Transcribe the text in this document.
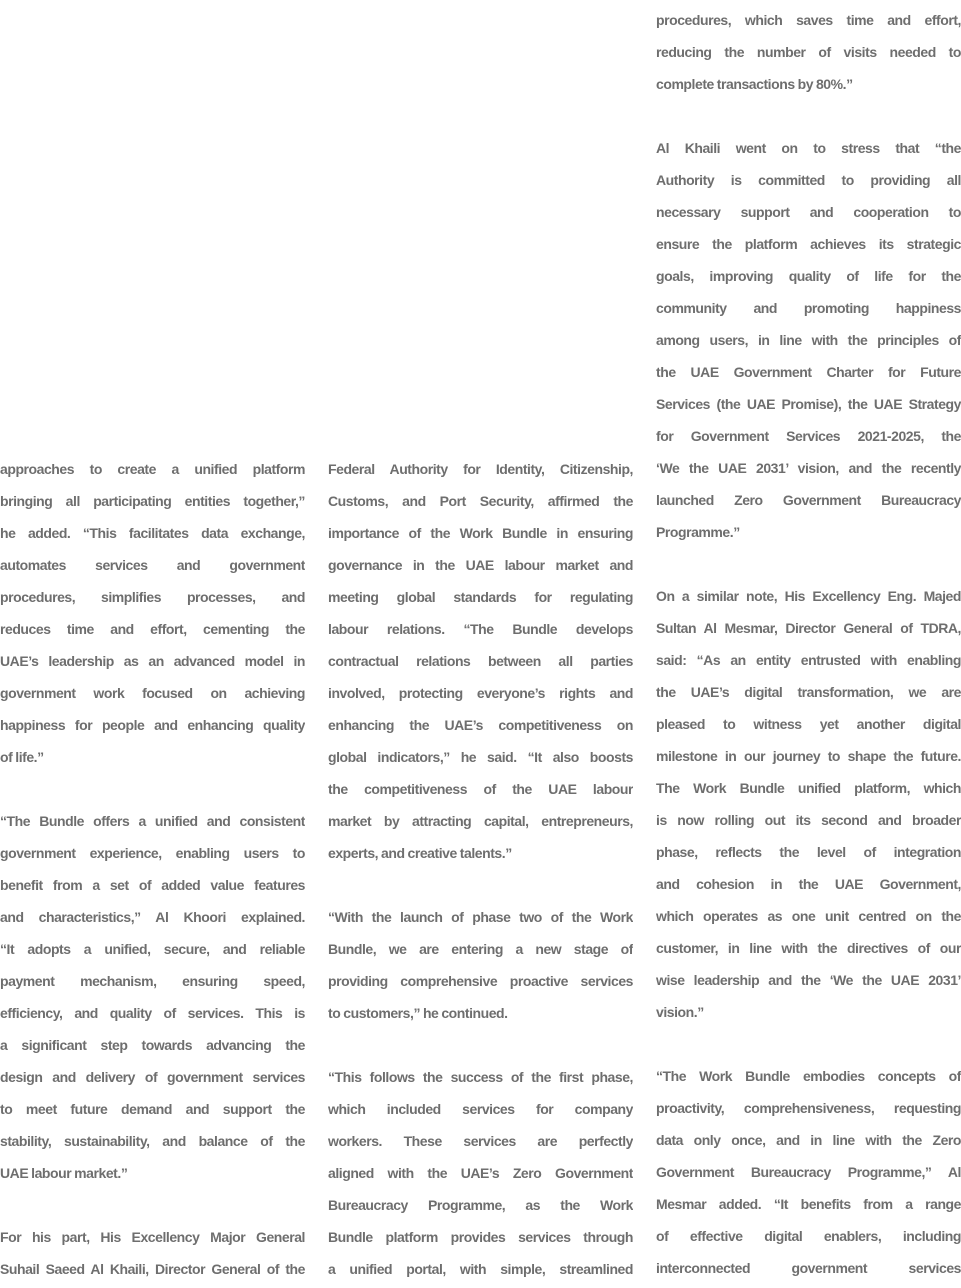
approaches to create a unified platform
bringing all participating entities together,”
he added. “This facilitates data exchange,
automates services and government
procedures, simplifies processes, and
reduces time and effort, cementing the
UAE’s leadership as an advanced model in
government work focused on achieving
happiness for people and enhancing quality
of life.”
“The Bundle offers a unified and consistent
government experience, enabling users to
benefit from a set of added value features
and characteristics,” Al Khoori explained.
“It adopts a unified, secure, and reliable
payment mechanism, ensuring speed,
efficiency, and quality of services. This is
a significant step towards advancing the
design and delivery of government services
to meet future demand and support the
stability, sustainability, and balance of the
UAE labour market.”
For his part, His Excellency Major General
Suhail Saeed Al Khaili, Director General of the
Federal Authority for Identity, Citizenship,
Customs, and Port Security, affirmed the
importance of the Work Bundle in ensuring
governance in the UAE labour market and
meeting global standards for regulating
labour relations. “The Bundle develops
contractual relations between all parties
involved, protecting everyone’s rights and
enhancing the UAE’s competitiveness on
global indicators,” he said. “It also boosts
the competitiveness of the UAE labour
market by attracting capital, entrepreneurs,
experts, and creative talents.”
“With the launch of phase two of the Work
Bundle, we are entering a new stage of
providing comprehensive proactive services
to customers,” he continued.
“This follows the success of the first phase,
which included services for company
workers. These services are perfectly
aligned with the UAE’s Zero Government
Bureaucracy Programme, as the Work
Bundle platform provides services through
a unified portal, with simple, streamlined
procedures, which saves time and effort,
reducing the number of visits needed to
complete transactions by 80%.”
Al Khaili went on to stress that “the
Authority is committed to providing all
necessary support and cooperation to
ensure the platform achieves its strategic
goals, improving quality of life for the
community and promoting happiness
among users, in line with the principles of
the UAE Government Charter for Future
Services (the UAE Promise), the UAE Strategy
for Government Services 2021-2025, the
‘We the UAE 2031’ vision, and the recently
launched Zero Government Bureaucracy
Programme.”
On a similar note, His Excellency Eng. Majed
Sultan Al Mesmar, Director General of TDRA,
said: “As an entity entrusted with enabling
the UAE’s digital transformation, we are
pleased to witness yet another digital
milestone in our journey to shape the future.
The Work Bundle unified platform, which
is now rolling out its second and broader
phase, reflects the level of integration
and cohesion in the UAE Government,
which operates as one unit centred on the
customer, in line with the directives of our
wise leadership and the ‘We the UAE 2031’
vision.”
“The Work Bundle embodies concepts of
proactivity, comprehensiveness, requesting
data only once, and in line with the Zero
Government Bureaucracy Programme,” Al
Mesmar added. “It benefits from a range
of effective digital enablers, including
interconnected government services
